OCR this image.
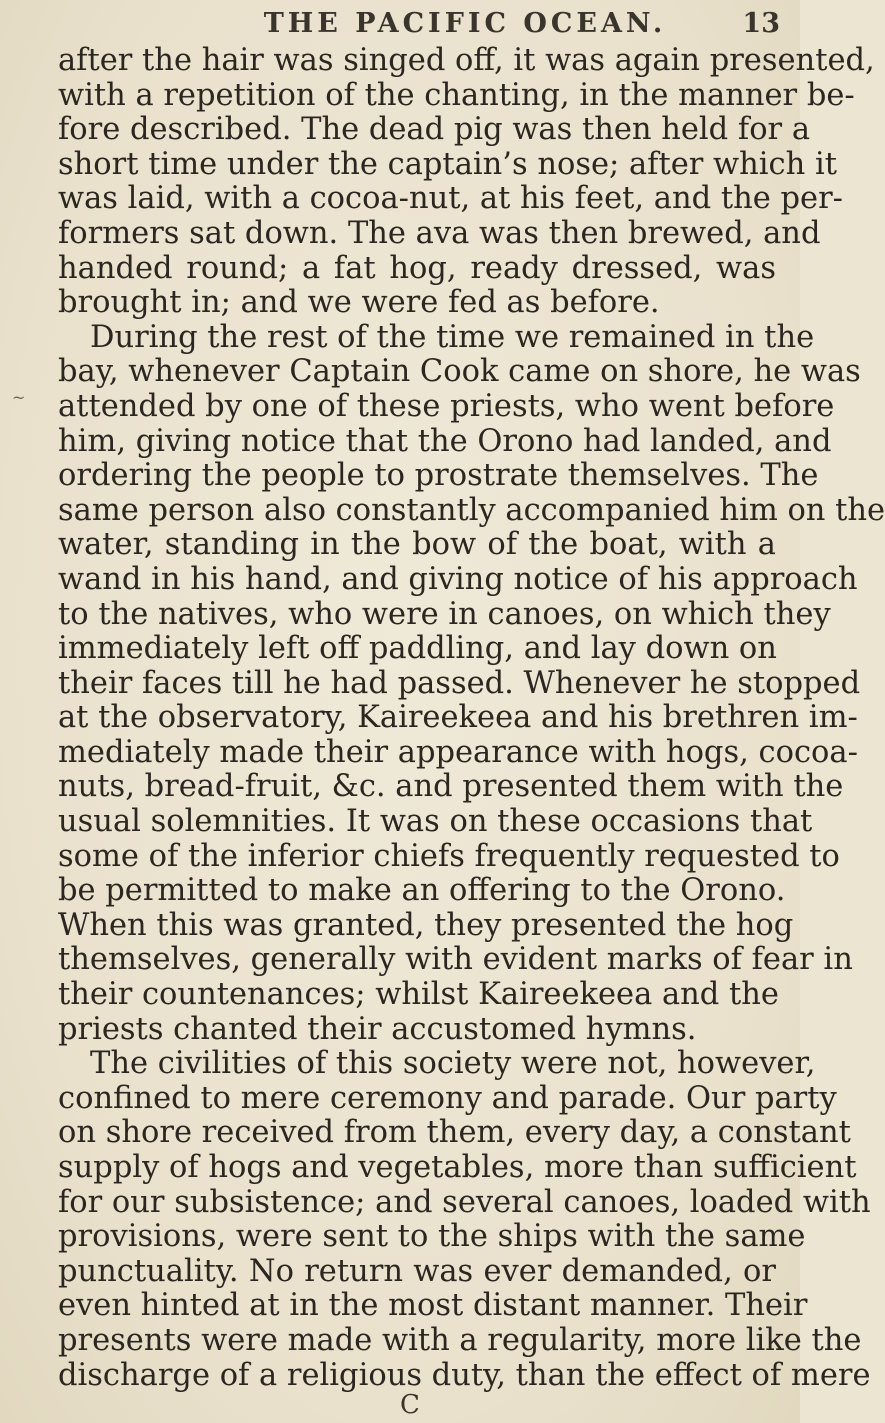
THE PACIFIC OCEAN.	13
~
after the hair was singed off, it was again presented,
with a repetition of the chanting, in the manner be-
fore described. The dead pig was then held for a
short time under the captain’s nose; after which it
was laid, with a cocoa-nut, at his feet, and the per-
formers sat down. The ava was then brewed, and
handed round; a fat hog, ready dressed, was
brought in; and we were fed as before.
During the rest of the time we remained in the
bay, whenever Captain Cook came on shore, he was
attended by one of these priests, who went before
him, giving notice that the Orono had landed, and
ordering the people to prostrate themselves. The
same person also constantly accompanied him on the
water, standing in the bow of the boat, with a
wand in his hand, and giving notice of his approach
to the natives, who were in canoes, on which they
immediately left off paddling, and lay down on
their faces till he had passed. Whenever he stopped
at the observatory, Kaireekeea and his brethren im-
mediately made their appearance with hogs, cocoa-
nuts, bread-fruit, &c. and presented them with the
usual solemnities. It was on these occasions that
some of the inferior chiefs frequently requested to
be permitted to make an offering to the Orono.
When this was granted, they presented the hog
themselves, generally with evident marks of fear in
their countenances; whilst Kaireekeea and the
priests chanted their accustomed hymns.
The civilities of this society were not, however,
confined to mere ceremony and parade. Our party
on shore received from them, every day, a constant
supply of hogs and vegetables, more than sufficient
for our subsistence; and several canoes, loaded with
provisions, were sent to the ships with the same
punctuality. No return was ever demanded, or
even hinted at in the most distant manner. Their
presents were made with a regularity, more like the
discharge of a religious duty, than the effect of mere
C
